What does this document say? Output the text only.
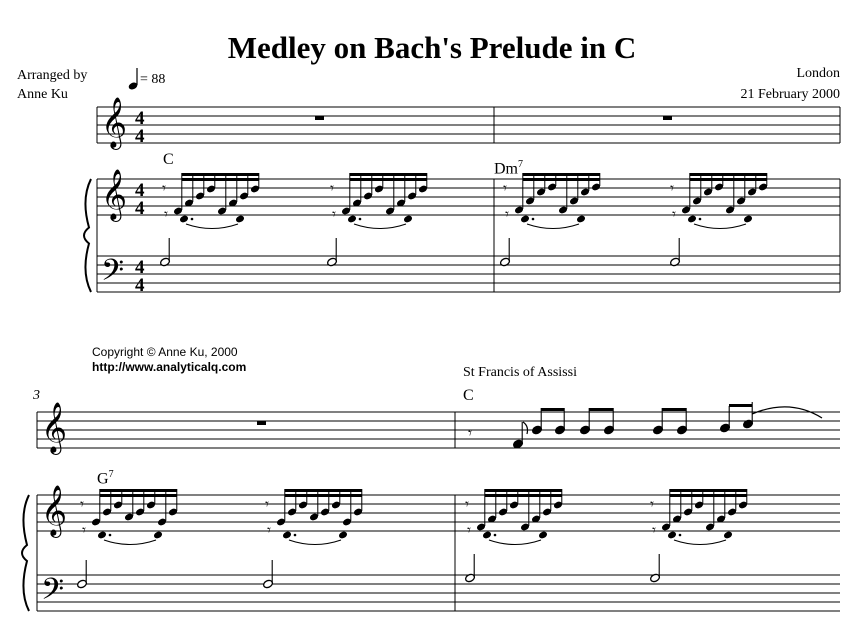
Medley on Bach's Prelude in C
Arranged by
Anne Ku
= 88	London
21 February 2000
Copyright © Anne Ku, 2000
http://www.analyticalq.com
C
Dm$^7$
3
$G^7$
St Francis of Assissi
C
𝄞
𝄞
𝄢
4
4
4
4
4
4
𝄾
𝄾
𝄾
𝄾
𝄾
𝄾
𝄾
𝄾
𝄞
𝄞
𝄢
𝄾
𝄾
𝄾
𝄾
𝄾
𝄾
𝄾
𝄾
𝄾
